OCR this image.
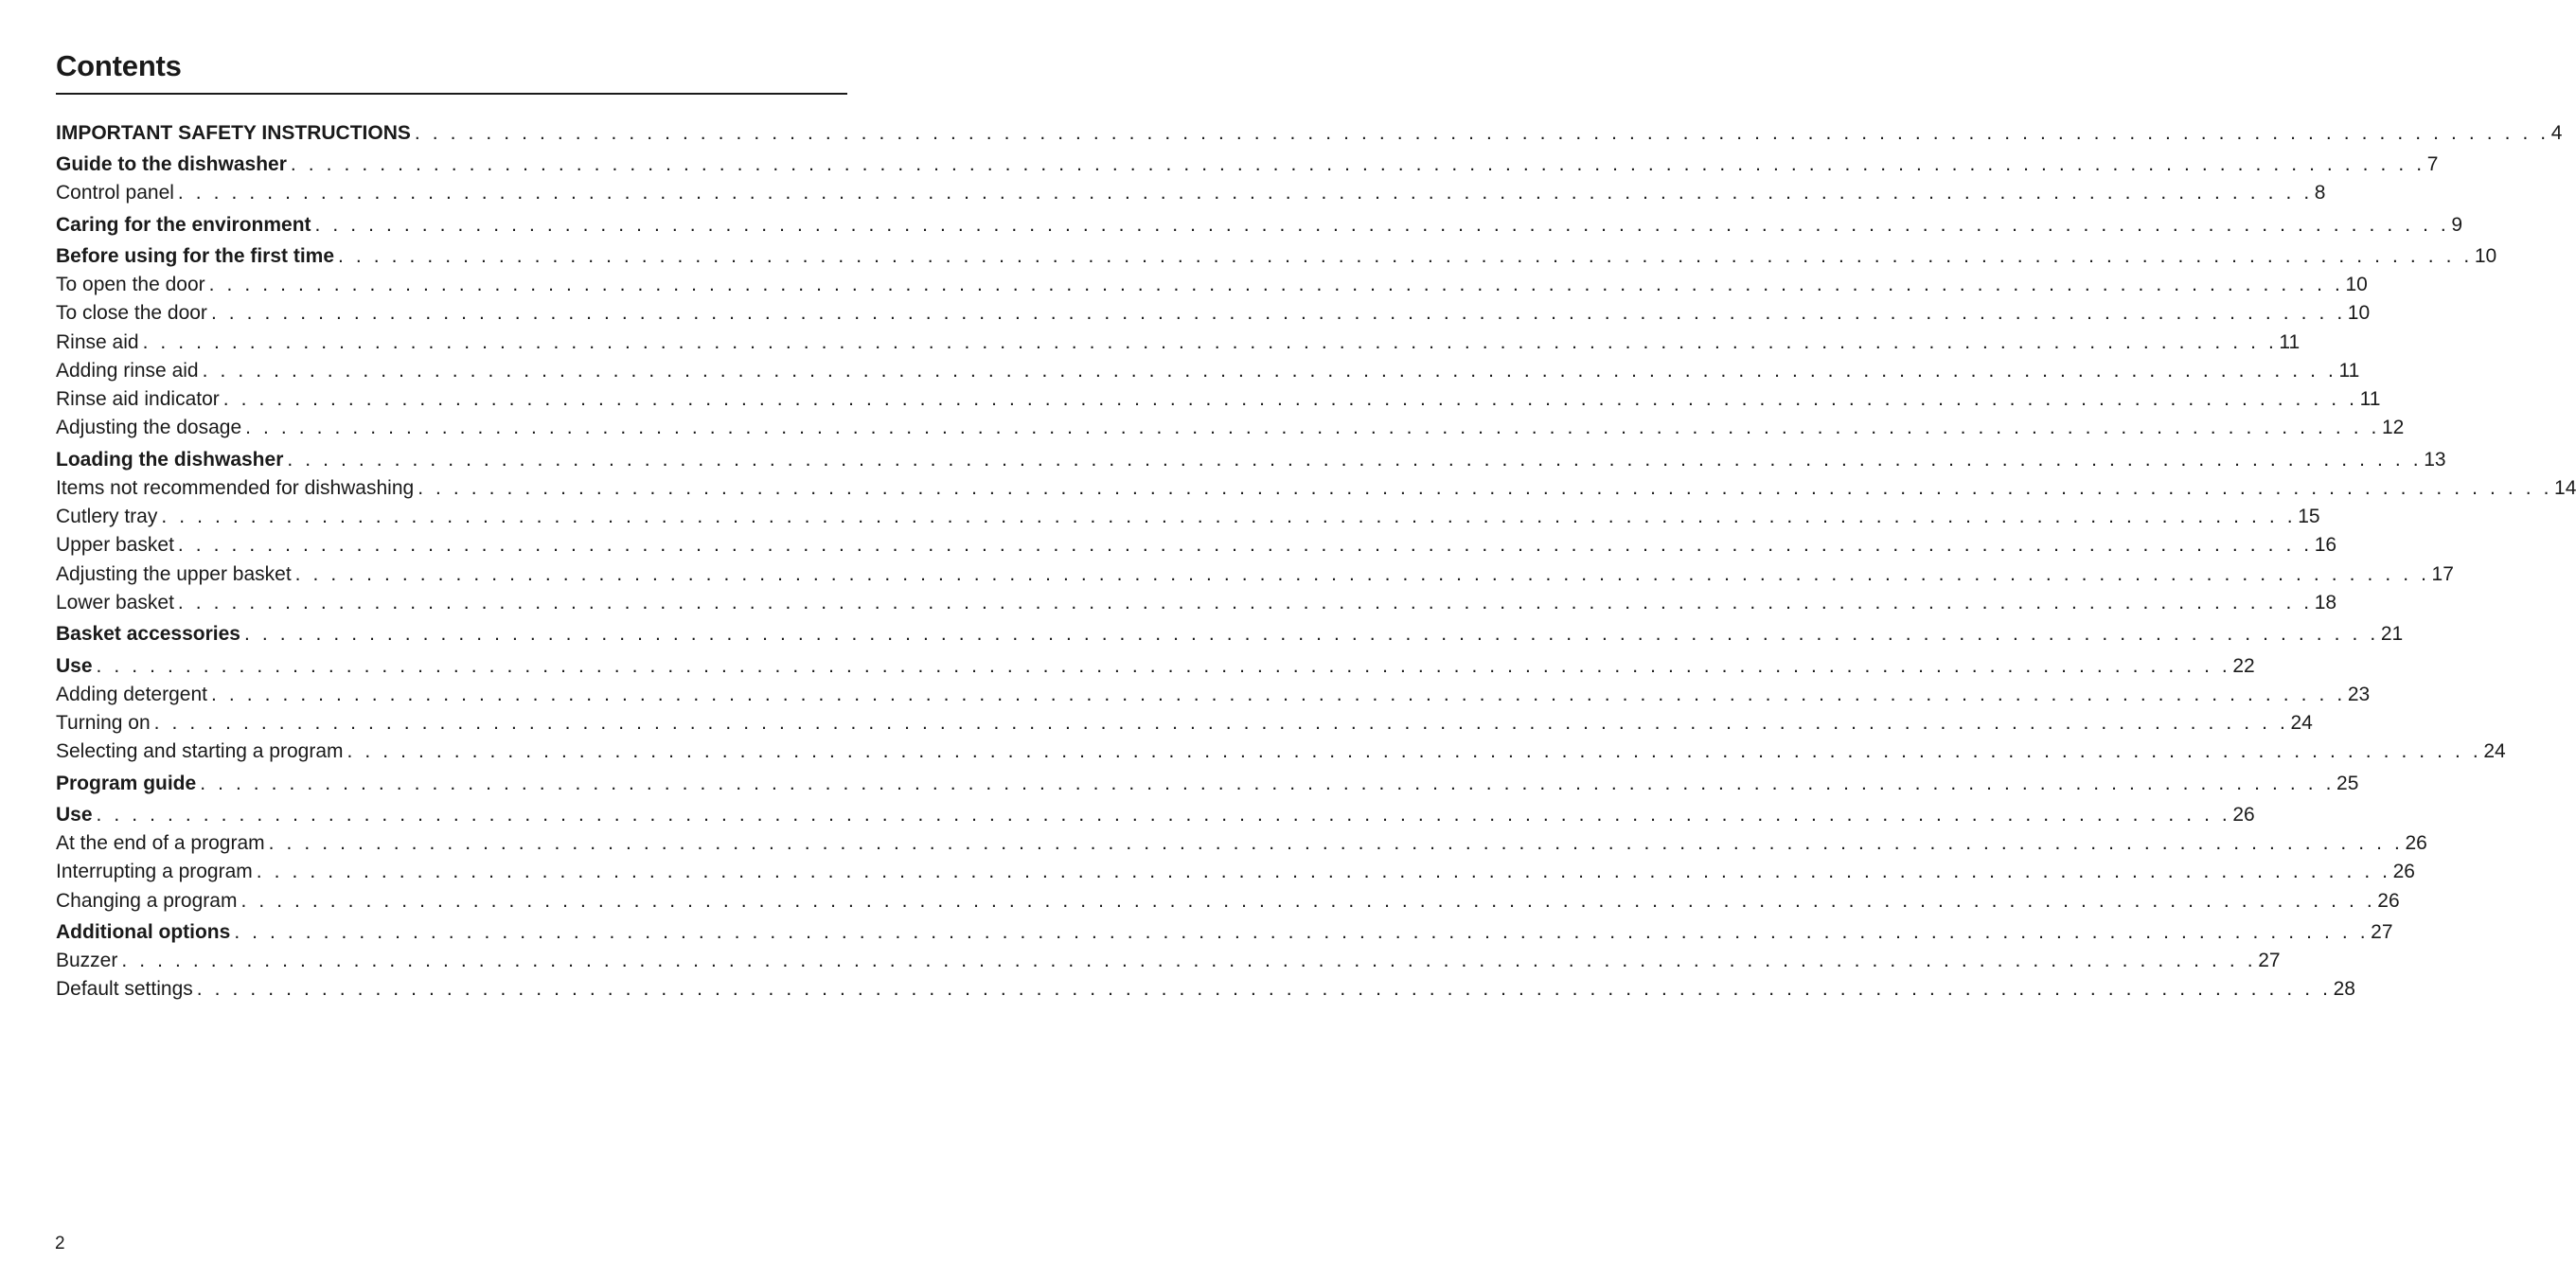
Contents
IMPORTANT SAFETY INSTRUCTIONS . . . . . . . . . . . . . . . . . . . . . . . . . . . . . . . . . . . . . . . . . . . . . . . . . . . . . . . . . . . . . . . . . . . . . . . . . . . . . . . . . . . . . . . . . . . . . . . . . . . . . . . . . . . . . . . . . . . . . . . . 4
Guide to the dishwasher . . . . . . . . . . . . . . . . . . . . . . . . . . . . . . . . . . . . . . . . . . . . . . . . . . . . . . . . . . . . . . . . . . . . . . . . . . . . . . . . . . . . . . . . . . . . . . . . . . . . . . . . . . . . . . . . . . . . . . . . 7
Control panel . . . . . . . . . . . . . . . . . . . . . . . . . . . . . . . . . . . . . . . . . . . . . . . . . . . . . . . . . . . . . . . . . . . . . . . . . . . . . . . . . . . . . . . . . . . . . . . . . . . . . . . . . . . . . . . . . . . . . . . . 8
Caring for the environment . . . . . . . . . . . . . . . . . . . . . . . . . . . . . . . . . . . . . . . . . . . . . . . . . . . . . . . . . . . . . . . . . . . . . . . . . . . . . . . . . . . . . . . . . . . . . . . . . . . . . . . . . . . . . . . . . . . . . . . . 9
Before using for the first time . . . . . . . . . . . . . . . . . . . . . . . . . . . . . . . . . . . . . . . . . . . . . . . . . . . . . . . . . . . . . . . . . . . . . . . . . . . . . . . . . . . . . . . . . . . . . . . . . . . . . . . . . . . . . . . . . . . . . . . . 10
To open the door . . . . . . . . . . . . . . . . . . . . . . . . . . . . . . . . . . . . . . . . . . . . . . . . . . . . . . . . . . . . . . . . . . . . . . . . . . . . . . . . . . . . . . . . . . . . . . . . . . . . . . . . . . . . . . . . . . . . . . . . 10
To close the door . . . . . . . . . . . . . . . . . . . . . . . . . . . . . . . . . . . . . . . . . . . . . . . . . . . . . . . . . . . . . . . . . . . . . . . . . . . . . . . . . . . . . . . . . . . . . . . . . . . . . . . . . . . . . . . . . . . . . . . . 10
Rinse aid . . . . . . . . . . . . . . . . . . . . . . . . . . . . . . . . . . . . . . . . . . . . . . . . . . . . . . . . . . . . . . . . . . . . . . . . . . . . . . . . . . . . . . . . . . . . . . . . . . . . . . . . . . . . . . . . . . . . . . . . 11
Adding rinse aid . . . . . . . . . . . . . . . . . . . . . . . . . . . . . . . . . . . . . . . . . . . . . . . . . . . . . . . . . . . . . . . . . . . . . . . . . . . . . . . . . . . . . . . . . . . . . . . . . . . . . . . . . . . . . . . . . . . . . . . . 11
Rinse aid indicator . . . . . . . . . . . . . . . . . . . . . . . . . . . . . . . . . . . . . . . . . . . . . . . . . . . . . . . . . . . . . . . . . . . . . . . . . . . . . . . . . . . . . . . . . . . . . . . . . . . . . . . . . . . . . . . . . . . . . . . . 11
Adjusting the dosage . . . . . . . . . . . . . . . . . . . . . . . . . . . . . . . . . . . . . . . . . . . . . . . . . . . . . . . . . . . . . . . . . . . . . . . . . . . . . . . . . . . . . . . . . . . . . . . . . . . . . . . . . . . . . . . . . . . . . . . . 12
Loading the dishwasher . . . . . . . . . . . . . . . . . . . . . . . . . . . . . . . . . . . . . . . . . . . . . . . . . . . . . . . . . . . . . . . . . . . . . . . . . . . . . . . . . . . . . . . . . . . . . . . . . . . . . . . . . . . . . . . . . . . . . . . . 13
Items not recommended for dishwashing . . . . . . . . . . . . . . . . . . . . . . . . . . . . . . . . . . . . . . . . . . . . . . . . . . . . . . . . . . . . . . . . . . . . . . . . . . . . . . . . . . . . . . . . . . . . . . . . . . . . . . . . . . . . . . . . . . . . . . . . 14
Cutlery tray . . . . . . . . . . . . . . . . . . . . . . . . . . . . . . . . . . . . . . . . . . . . . . . . . . . . . . . . . . . . . . . . . . . . . . . . . . . . . . . . . . . . . . . . . . . . . . . . . . . . . . . . . . . . . . . . . . . . . . . . 15
Upper basket . . . . . . . . . . . . . . . . . . . . . . . . . . . . . . . . . . . . . . . . . . . . . . . . . . . . . . . . . . . . . . . . . . . . . . . . . . . . . . . . . . . . . . . . . . . . . . . . . . . . . . . . . . . . . . . . . . . . . . . . 16
Adjusting the upper basket . . . . . . . . . . . . . . . . . . . . . . . . . . . . . . . . . . . . . . . . . . . . . . . . . . . . . . . . . . . . . . . . . . . . . . . . . . . . . . . . . . . . . . . . . . . . . . . . . . . . . . . . . . . . . . . . . . . . . . . . 17
Lower basket . . . . . . . . . . . . . . . . . . . . . . . . . . . . . . . . . . . . . . . . . . . . . . . . . . . . . . . . . . . . . . . . . . . . . . . . . . . . . . . . . . . . . . . . . . . . . . . . . . . . . . . . . . . . . . . . . . . . . . . . 18
Basket accessories . . . . . . . . . . . . . . . . . . . . . . . . . . . . . . . . . . . . . . . . . . . . . . . . . . . . . . . . . . . . . . . . . . . . . . . . . . . . . . . . . . . . . . . . . . . . . . . . . . . . . . . . . . . . . . . . . . . . . . . . 21
Use . . . . . . . . . . . . . . . . . . . . . . . . . . . . . . . . . . . . . . . . . . . . . . . . . . . . . . . . . . . . . . . . . . . . . . . . . . . . . . . . . . . . . . . . . . . . . . . . . . . . . . . . . . . . . . . . . . . . . . . . 22
Adding detergent . . . . . . . . . . . . . . . . . . . . . . . . . . . . . . . . . . . . . . . . . . . . . . . . . . . . . . . . . . . . . . . . . . . . . . . . . . . . . . . . . . . . . . . . . . . . . . . . . . . . . . . . . . . . . . . . . . . . . . . . 23
Turning on . . . . . . . . . . . . . . . . . . . . . . . . . . . . . . . . . . . . . . . . . . . . . . . . . . . . . . . . . . . . . . . . . . . . . . . . . . . . . . . . . . . . . . . . . . . . . . . . . . . . . . . . . . . . . . . . . . . . . . . . 24
Selecting and starting a program . . . . . . . . . . . . . . . . . . . . . . . . . . . . . . . . . . . . . . . . . . . . . . . . . . . . . . . . . . . . . . . . . . . . . . . . . . . . . . . . . . . . . . . . . . . . . . . . . . . . . . . . . . . . . . . . . . . . . . . . 24
Program guide . . . . . . . . . . . . . . . . . . . . . . . . . . . . . . . . . . . . . . . . . . . . . . . . . . . . . . . . . . . . . . . . . . . . . . . . . . . . . . . . . . . . . . . . . . . . . . . . . . . . . . . . . . . . . . . . . . . . . . . . 25
Use . . . . . . . . . . . . . . . . . . . . . . . . . . . . . . . . . . . . . . . . . . . . . . . . . . . . . . . . . . . . . . . . . . . . . . . . . . . . . . . . . . . . . . . . . . . . . . . . . . . . . . . . . . . . . . . . . . . . . . . . 26
At the end of a program . . . . . . . . . . . . . . . . . . . . . . . . . . . . . . . . . . . . . . . . . . . . . . . . . . . . . . . . . . . . . . . . . . . . . . . . . . . . . . . . . . . . . . . . . . . . . . . . . . . . . . . . . . . . . . . . . . . . . . . . 26
Interrupting a program . . . . . . . . . . . . . . . . . . . . . . . . . . . . . . . . . . . . . . . . . . . . . . . . . . . . . . . . . . . . . . . . . . . . . . . . . . . . . . . . . . . . . . . . . . . . . . . . . . . . . . . . . . . . . . . . . . . . . . . . 26
Changing a program . . . . . . . . . . . . . . . . . . . . . . . . . . . . . . . . . . . . . . . . . . . . . . . . . . . . . . . . . . . . . . . . . . . . . . . . . . . . . . . . . . . . . . . . . . . . . . . . . . . . . . . . . . . . . . . . . . . . . . . . 26
Additional options . . . . . . . . . . . . . . . . . . . . . . . . . . . . . . . . . . . . . . . . . . . . . . . . . . . . . . . . . . . . . . . . . . . . . . . . . . . . . . . . . . . . . . . . . . . . . . . . . . . . . . . . . . . . . . . . . . . . . . . . 27
Buzzer . . . . . . . . . . . . . . . . . . . . . . . . . . . . . . . . . . . . . . . . . . . . . . . . . . . . . . . . . . . . . . . . . . . . . . . . . . . . . . . . . . . . . . . . . . . . . . . . . . . . . . . . . . . . . . . . . . . . . . . . 27
Default settings . . . . . . . . . . . . . . . . . . . . . . . . . . . . . . . . . . . . . . . . . . . . . . . . . . . . . . . . . . . . . . . . . . . . . . . . . . . . . . . . . . . . . . . . . . . . . . . . . . . . . . . . . . . . . . . . . . . . . . . . 28
2
